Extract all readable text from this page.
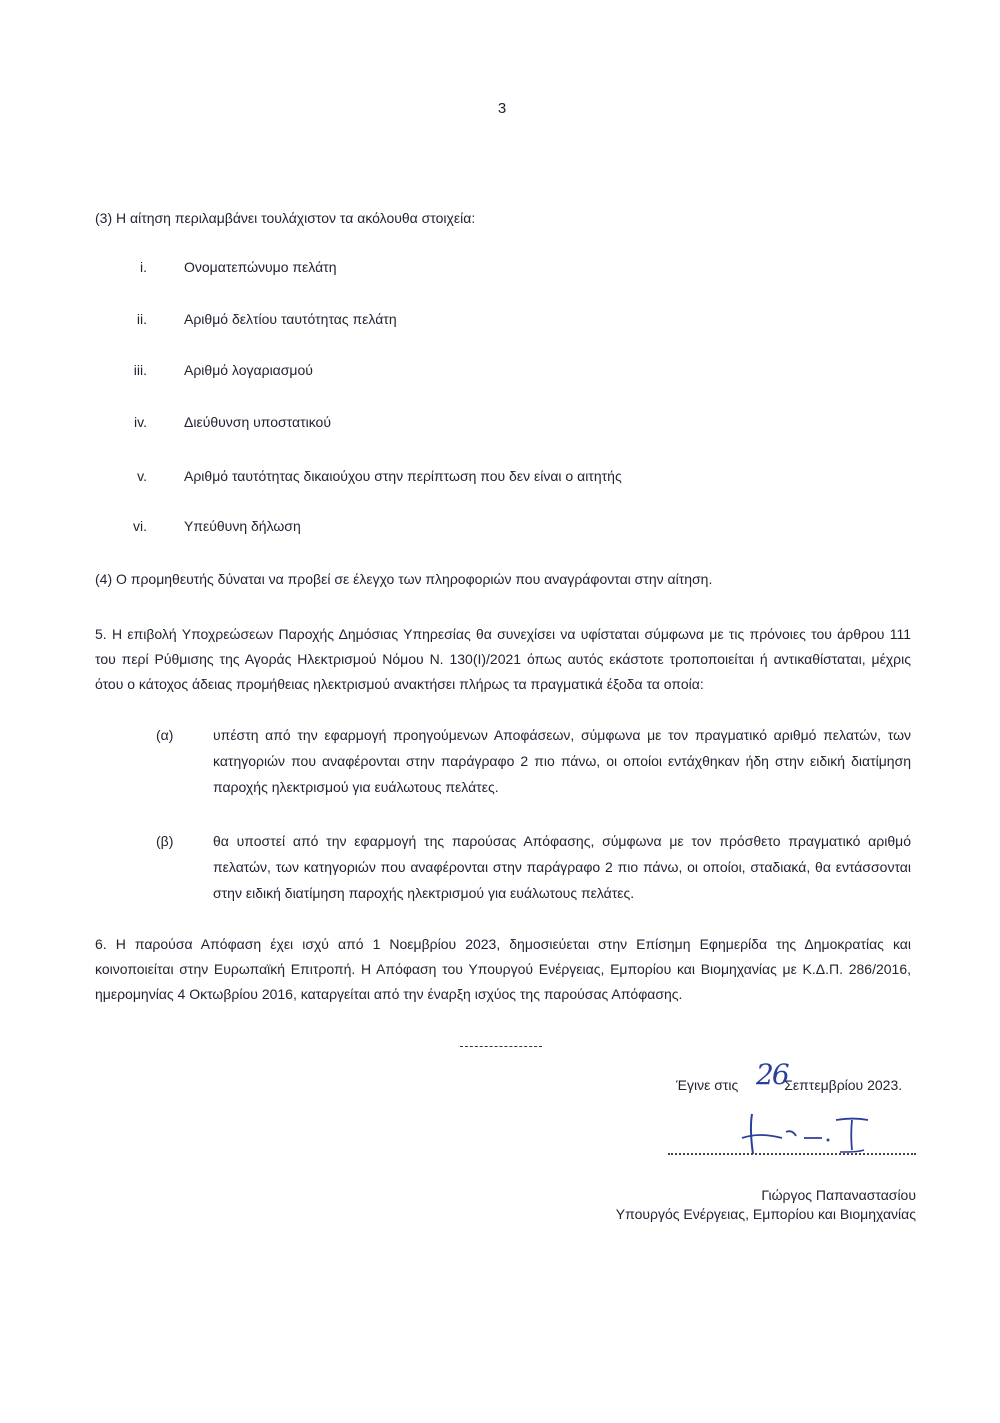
3

(3) Η αίτηση περιλαμβάνει τουλάχιστον τα ακόλουθα στοιχεία:

i.	Ονοματεπώνυμο πελάτη
ii.	Αριθμό δελτίου ταυτότητας πελάτη
iii.	Αριθμό λογαριασμού
iv.	Διεύθυνση υποστατικού
v.	Αριθμό ταυτότητας δικαιούχου στην περίπτωση που δεν είναι ο αιτητής
vi.	Υπεύθυνη δήλωση

(4) Ο προμηθευτής δύναται να προβεί σε έλεγχο των πληροφοριών που αναγράφονται στην αίτηση.

5. Η επιβολή Υποχρεώσεων Παροχής Δημόσιας Υπηρεσίας θα συνεχίσει να υφίσταται σύμφωνα με τις πρόνοιες του άρθρου 111 του περί Ρύθμισης της Αγοράς Ηλεκτρισμού Νόμου Ν. 130(Ι)/2021 όπως αυτός εκάστοτε τροποποιείται ή αντικαθίσταται, μέχρις ότου ο κάτοχος άδειας προμήθειας ηλεκτρισμού ανακτήσει πλήρως τα πραγματικά έξοδα τα οποία:

(α)	υπέστη από την εφαρμογή προηγούμενων Αποφάσεων, σύμφωνα με τον πραγματικό αριθμό πελατών, των κατηγοριών που αναφέρονται στην παράγραφο 2 πιο πάνω, οι οποίοι εντάχθηκαν ήδη στην ειδική διατίμηση παροχής ηλεκτρισμού για ευάλωτους πελάτες.
(β)	θα υποστεί από την εφαρμογή της παρούσας Απόφασης, σύμφωνα με τον πρόσθετο πραγματικό αριθμό πελατών, των κατηγοριών που αναφέρονται στην παράγραφο 2 πιο πάνω, οι οποίοι, σταδιακά, θα εντάσσονται στην ειδική διατίμηση παροχής ηλεκτρισμού για ευάλωτους πελάτες.

6. Η παρούσα Απόφαση έχει ισχύ από 1 Νοεμβρίου 2023, δημοσιεύεται στην Επίσημη Εφημερίδα της Δημοκρατίας και κοινοποιείται στην Ευρωπαϊκή Επιτροπή. Η Απόφαση του Υπουργού Ενέργειας, Εμπορίου και Βιομηχανίας με Κ.Δ.Π. 286/2016, ημερομηνίας 4 Οκτωβρίου 2016, καταργείται από την έναρξη ισχύος της παρούσας Απόφασης.

Έγινε στις	Σεπτεμβρίου 2023.
26
Γιώργος Παπαναστασίου
Υπουργός Ενέργειας, Εμπορίου και Βιομηχανίας
